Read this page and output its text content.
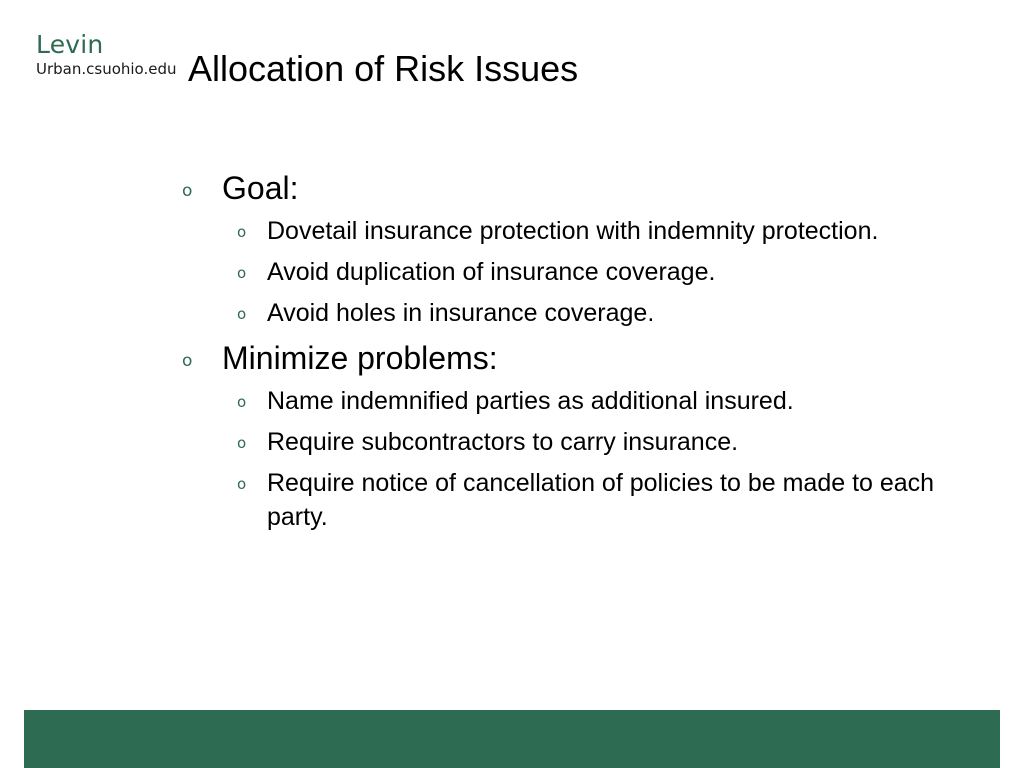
Levin
Urban.csuohio.edu Allocation of Risk Issues
o Goal:
o Dovetail insurance protection with indemnity protection.
o Avoid duplication of insurance coverage.
o Avoid holes in insurance coverage.
o Minimize problems:
o Name indemnified parties as additional insured.
o Require subcontractors to carry insurance.
o Require notice of cancellation of policies to be made to each party.
